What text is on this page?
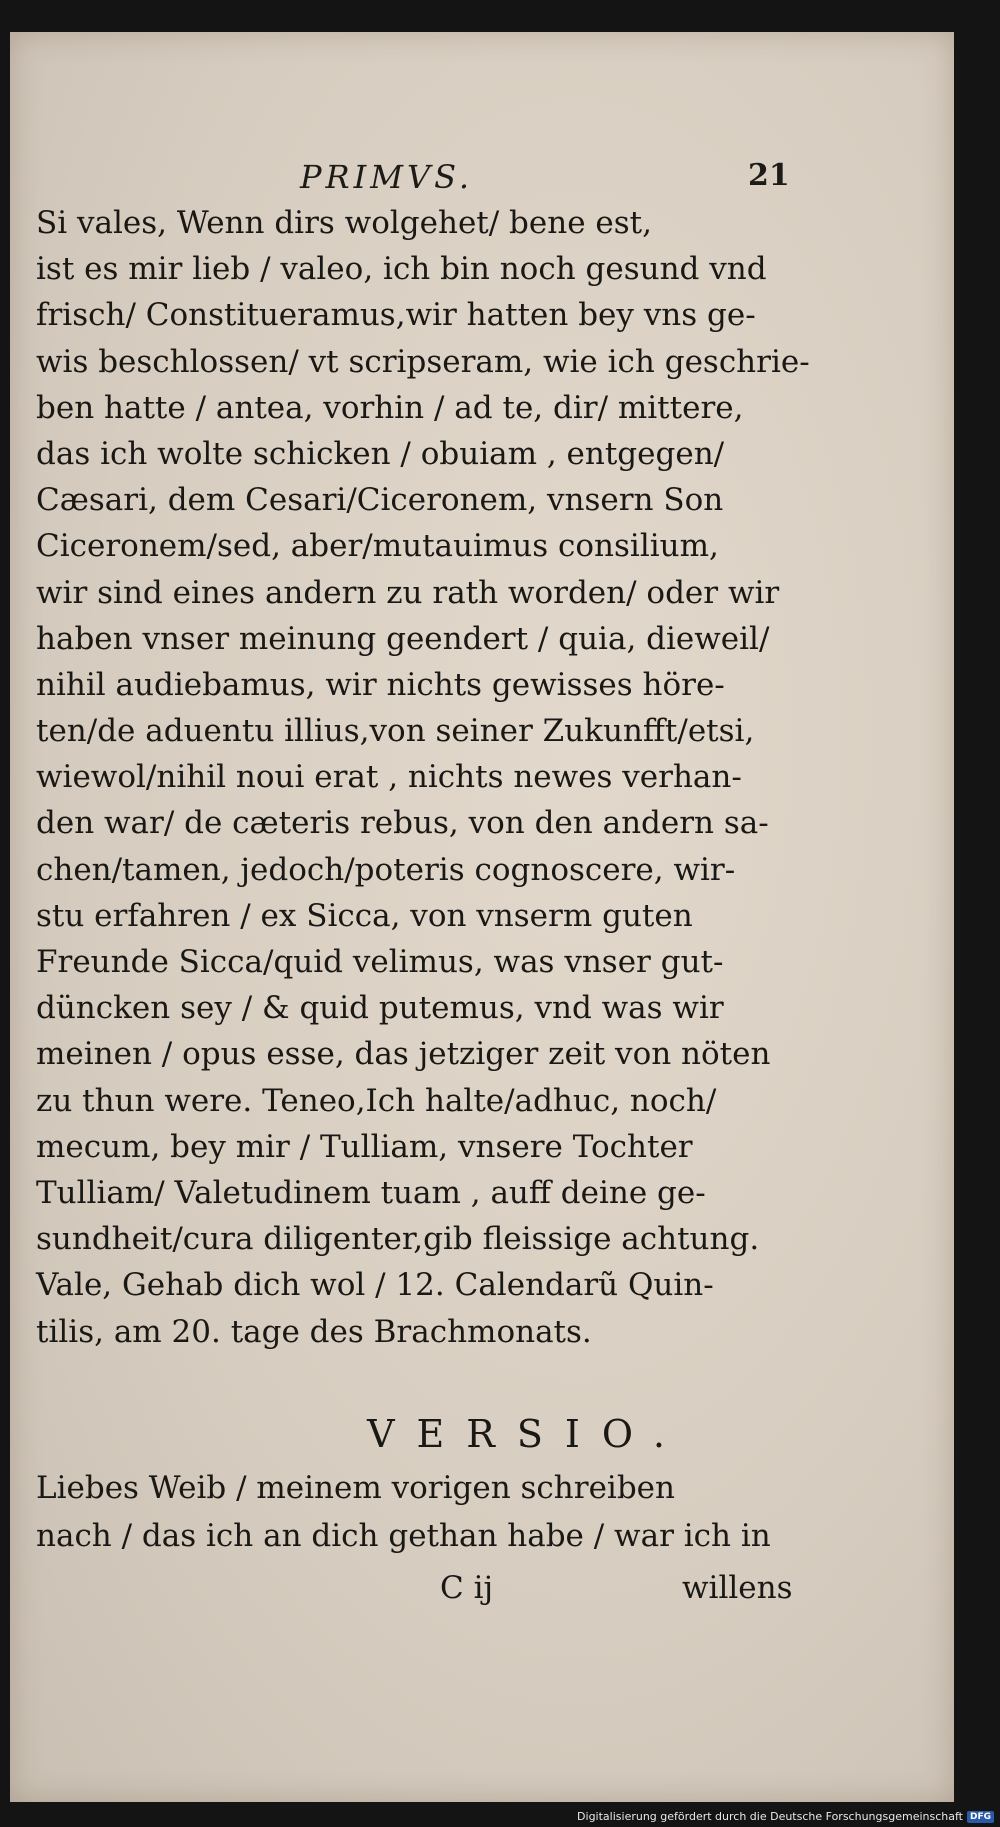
PRIMVS.	21
Si vales, Wenn dirs wolgehet/ bene est,
ist es mir lieb / valeo, ich bin noch gesund vnd
frisch/ Constitueramus,wir hatten bey vns ge-
wis beschlossen/ vt scripseram, wie ich geschrie-
ben hatte / antea, vorhin / ad te, dir/ mittere,
das ich wolte schicken / obuiam , entgegen/
Cæsari, dem Cesari/Ciceronem, vnsern Son
Ciceronem/sed, aber/mutauimus consilium,
wir sind eines andern zu rath worden/ oder wir
haben vnser meinung geendert / quia, dieweil/
nihil audiebamus, wir nichts gewisses höre-
ten/de aduentu illius,von seiner Zukunfft/etsi,
wiewol/nihil noui erat , nichts newes verhan-
den war/ de cæteris rebus, von den andern sa-
chen/tamen, jedoch/poteris cognoscere, wir-
stu erfahren / ex Sicca, von vnserm guten
Freunde Sicca/quid velimus, was vnser gut-
düncken sey / & quid putemus, vnd was wir
meinen / opus esse, das jetziger zeit von nöten
zu thun were. Teneo,Ich halte/adhuc, noch/
mecum, bey mir / Tulliam, vnsere Tochter
Tulliam/ Valetudinem tuam , auff deine ge-
sundheit/cura diligenter,gib fleissige achtung.
Vale, Gehab dich wol / 12. Calendarũ Quin-
tilis, am 20. tage des Brachmonats.
VERSIO.
Liebes Weib / meinem vorigen schreiben
nach / das ich an dich gethan habe / war ich in
C ij	willens
Digitalisierung gefördert durch die Deutsche Forschungsgemeinschaft DFG
